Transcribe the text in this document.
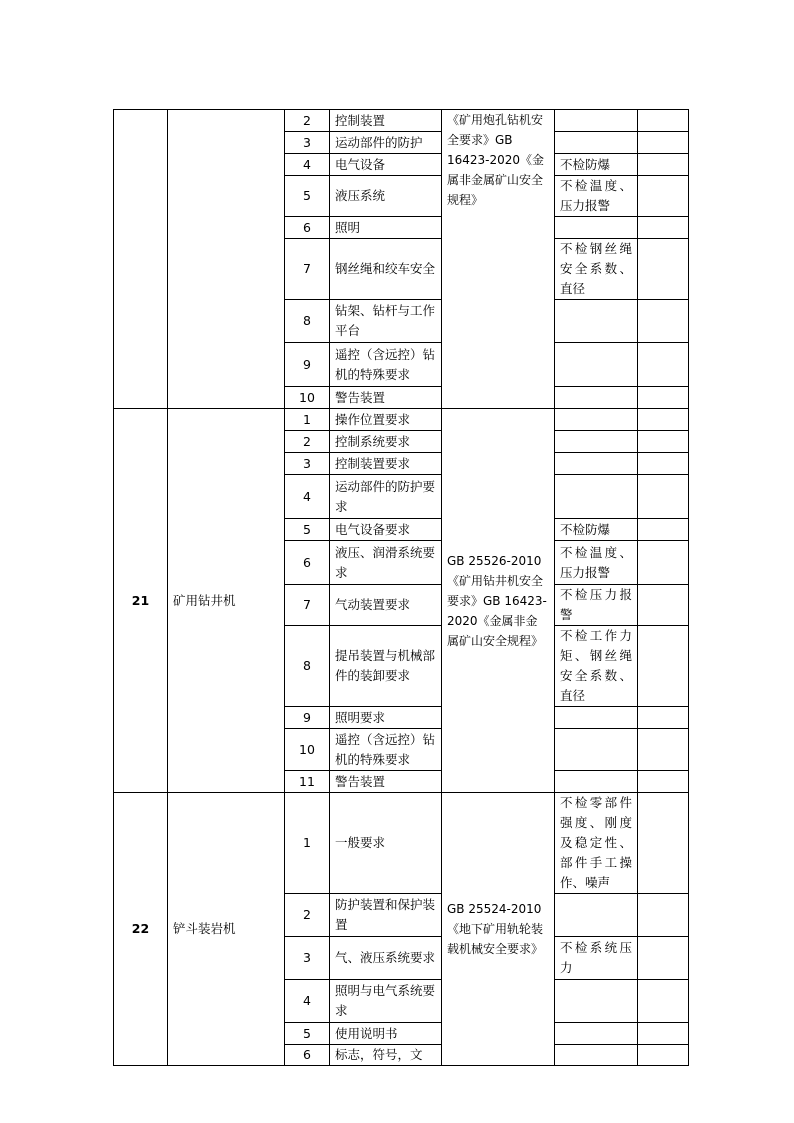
		2	控制装置	《矿用炮孔钻机安全要求》GB 16423-2020《金属非金属矿山安全规程》		
		3	运动部件的防护			
		4	电气设备		不检防爆	
		5	液压系统		不检温度、压力报警	
		6	照明			
		7	钢丝绳和绞车安全		不检钢丝绳安全系数、直径	
		8	钻架、钻杆与工作平台			
		9	遥控（含远控）钻机的特殊要求			
		10	警告装置			
21	矿用钻井机	1	操作位置要求	GB 25526-2010《矿用钻井机安全要求》GB 16423-2020《金属非金属矿山安全规程》		
		2	控制系统要求			
		3	控制装置要求			
		4	运动部件的防护要求			
		5	电气设备要求		不检防爆	
		6	液压、润滑系统要求		不检温度、压力报警	
		7	气动装置要求		不检压力报警	
		8	提吊装置与机械部件的装卸要求		不检工作力矩、钢丝绳安全系数、直径	
		9	照明要求			
		10	遥控（含远控）钻机的特殊要求			
		11	警告装置			
22	铲斗装岩机	1	一般要求	GB 25524-2010《地下矿用轨轮装载机械安全要求》	不检零部件强度、刚度及稳定性、部件手工操作、噪声	
		2	防护装置和保护装置			
		3	气、液压系统要求		不检系统压力	
		4	照明与电气系统要求			
		5	使用说明书			
		6	标志，符号，文			
